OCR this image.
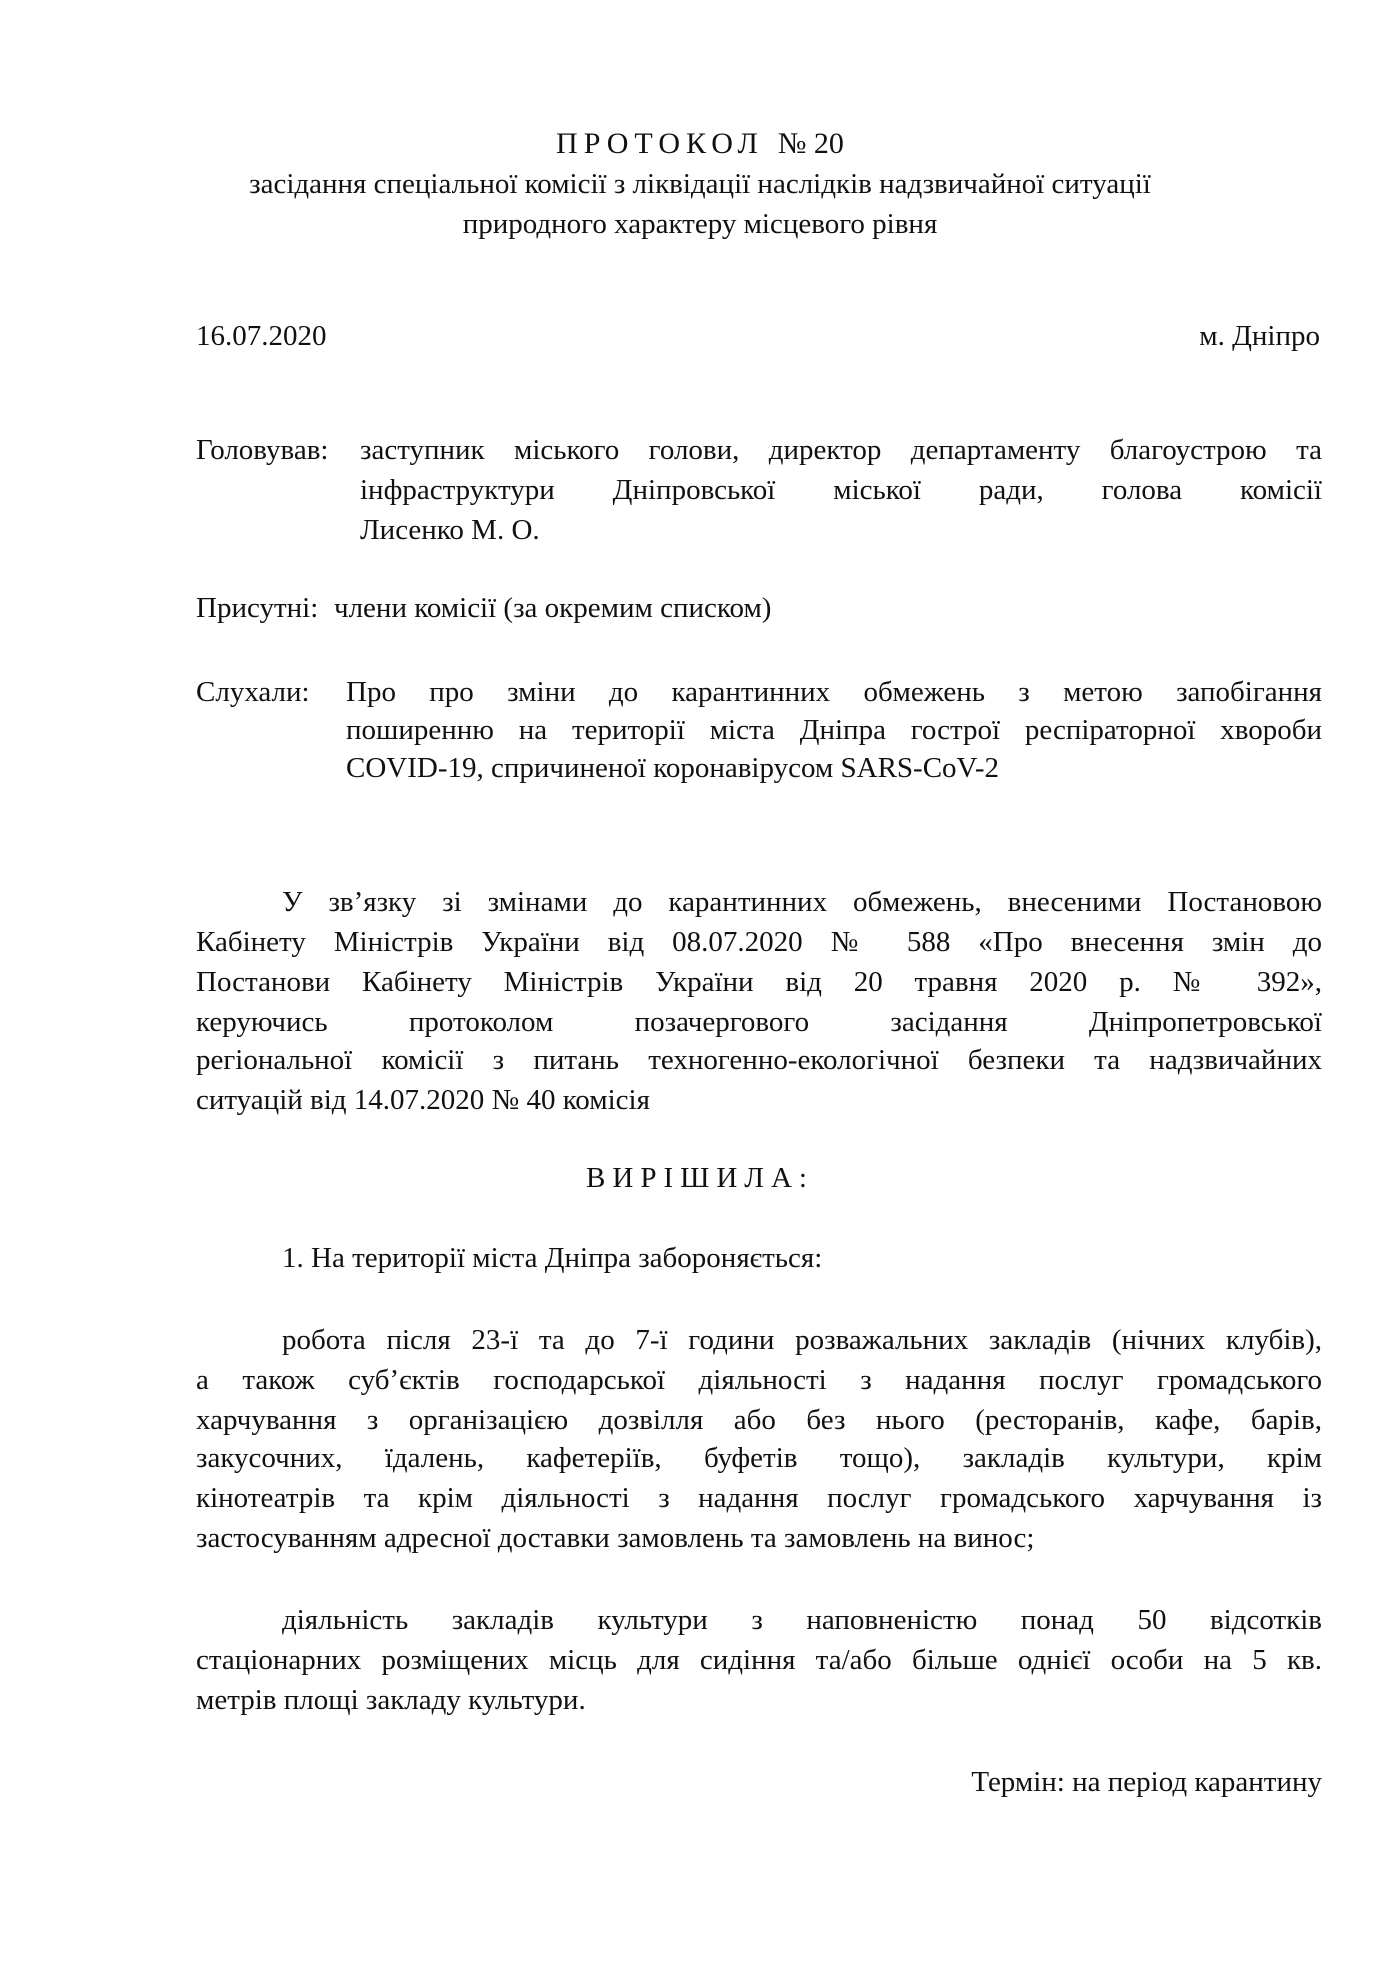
ПРОТОКОЛ № 20
засідання спеціальної комісії з ліквідації наслідків надзвичайної ситуації
природного характеру місцевого рівня
16.07.2020	м. Дніпро
Головував: заступник міського голови, директор департаменту благоустрою та
інфраструктури Дніпровської міської ради, голова комісії
Лисенко М. О.
Присутні: члени комісії (за окремим списком)
Слухали: Про про зміни до карантинних обмежень з метою запобігання
поширенню на території міста Дніпра гострої респіраторної хвороби
COVID-19, спричиненої коронавірусом SARS-CoV-2
У зв’язку зі змінами до карантинних обмежень, внесеними Постановою
Кабінету Міністрів України від 08.07.2020 № 588 «Про внесення змін до
Постанови Кабінету Міністрів України від 20 травня 2020 р. № 392»,
керуючись протоколом позачергового засідання Дніпропетровської
регіональної комісії з питань техногенно-екологічної безпеки та надзвичайних
ситуацій від 14.07.2020 № 40 комісія
ВИРІШИЛА:
1. На території міста Дніпра забороняється:
робота після 23-ї та до 7-ї години розважальних закладів (нічних клубів),
а також суб’єктів господарської діяльності з надання послуг громадського
харчування з організацією дозвілля або без нього (ресторанів, кафе, барів,
закусочних, їдалень, кафетеріїв, буфетів тощо), закладів культури, крім
кінотеатрів та крім діяльності з надання послуг громадського харчування із
застосуванням адресної доставки замовлень та замовлень на винос;
діяльність закладів культури з наповненістю понад 50 відсотків
стаціонарних розміщених місць для сидіння та/або більше однієї особи на 5 кв.
метрів площі закладу культури.
Термін: на період карантину
